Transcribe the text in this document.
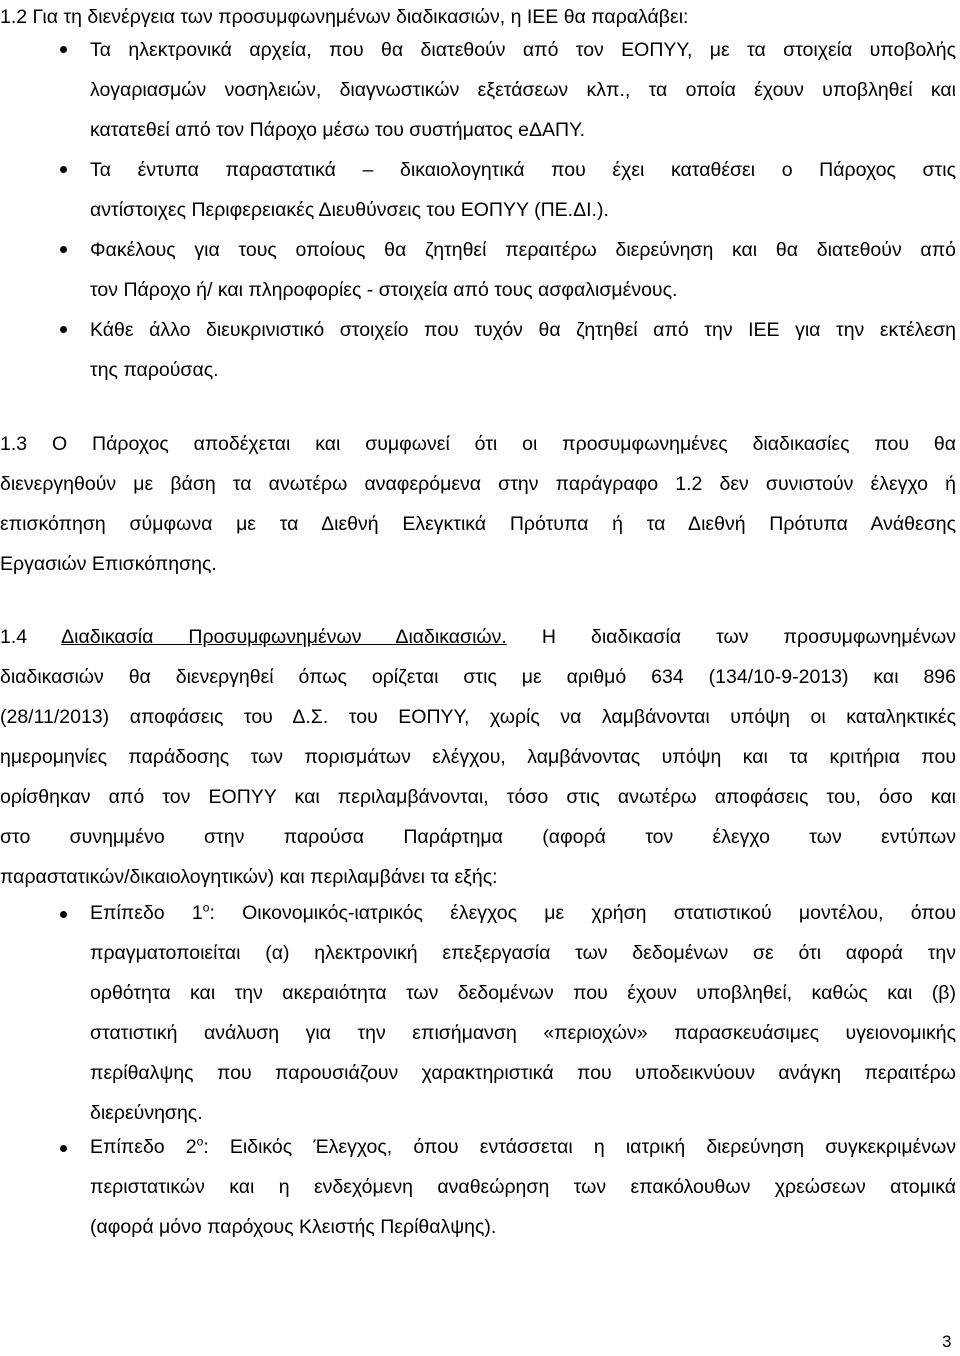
1.2 Για τη διενέργεια των προσυμφωνημένων διαδικασιών, η ΙΕΕ θα παραλάβει:
Τα ηλεκτρονικά αρχεία, που θα διατεθούν από τον ΕΟΠΥΥ, με τα στοιχεία υποβολής
λογαριασμών νοσηλειών, διαγνωστικών εξετάσεων κλπ., τα οποία έχουν υποβληθεί και
κατατεθεί από τον Πάροχο μέσω του συστήματος eΔΑΠΥ.
Τα έντυπα παραστατικά – δικαιολογητικά που έχει καταθέσει ο Πάροχος στις
αντίστοιχες Περιφερειακές Διευθύνσεις του ΕΟΠΥΥ (ΠΕ.ΔΙ.).
Φακέλους για τους οποίους θα ζητηθεί περαιτέρω διερεύνηση και θα διατεθούν από
τον Πάροχο ή/ και πληροφορίες - στοιχεία από τους ασφαλισμένους.
Κάθε άλλο διευκρινιστικό στοιχείο που τυχόν θα ζητηθεί από την ΙΕΕ για την εκτέλεση
της παρούσας.
1.3 Ο Πάροχος αποδέχεται και συμφωνεί ότι οι προσυμφωνημένες διαδικασίες που θα
διενεργηθούν με βάση τα ανωτέρω αναφερόμενα στην παράγραφο 1.2 δεν συνιστούν έλεγχο ή
επισκόπηση σύμφωνα με τα Διεθνή Ελεγκτικά Πρότυπα ή τα Διεθνή Πρότυπα Ανάθεσης
Εργασιών Επισκόπησης.
1.4 Διαδικασία Προσυμφωνημένων Διαδικασιών. Η διαδικασία των προσυμφωνημένων
διαδικασιών θα διενεργηθεί όπως ορίζεται στις με αριθμό 634 (134/10-9-2013) και 896
(28/11/2013) αποφάσεις του Δ.Σ. του ΕΟΠΥΥ, χωρίς να λαμβάνονται υπόψη οι καταληκτικές
ημερομηνίες παράδοσης των πορισμάτων ελέγχου, λαμβάνοντας υπόψη και τα κριτήρια που
ορίσθηκαν από τον ΕΟΠΥΥ και περιλαμβάνονται, τόσο στις ανωτέρω αποφάσεις του, όσο και
στο συνημμένο στην παρούσα Παράρτημα (αφορά τον έλεγχο των εντύπων
παραστατικών/δικαιολογητικών) και περιλαμβάνει τα εξής:
Επίπεδο $1^o$: Οικονομικός-ιατρικός έλεγχος με χρήση στατιστικού μοντέλου, όπου
πραγματοποιείται (α) ηλεκτρονική επεξεργασία των δεδομένων σε ότι αφορά την
ορθότητα και την ακεραιότητα των δεδομένων που έχουν υποβληθεί, καθώς και (β)
στατιστική ανάλυση για την επισήμανση «περιοχών» παρασκευάσιμες υγειονομικής
περίθαλψης που παρουσιάζουν χαρακτηριστικά που υποδεικνύουν ανάγκη περαιτέρω
διερεύνησης.
Επίπεδο $2^o$: Ειδικός Έλεγχος, όπου εντάσσεται η ιατρική διερεύνηση συγκεκριμένων
περιστατικών και η ενδεχόμενη αναθεώρηση των επακόλουθων χρεώσεων ατομικά
(αφορά μόνο παρόχους Κλειστής Περίθαλψης).
3
